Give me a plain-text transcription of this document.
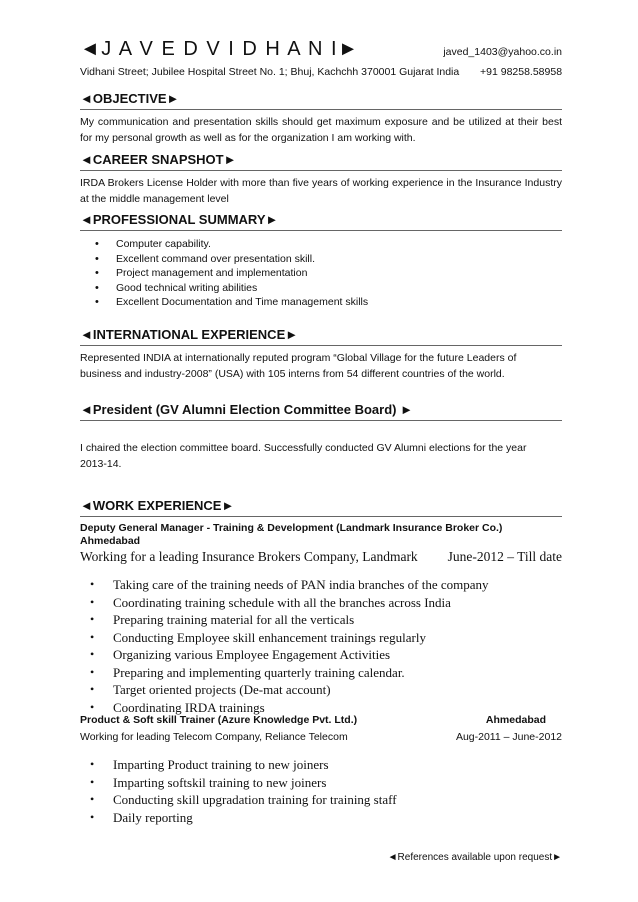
◄J A V E D V I D H A N I►	javed_1403@yahoo.co.in
Vidhani Street; Jubilee Hospital Street No. 1; Bhuj, Kachchh 370001 Gujarat India +91 98258.58958
◄OBJECTIVE►
My communication and presentation skills should get maximum exposure and be utilized at their best for my personal growth as well as for the organization I am working with.
◄CAREER SNAPSHOT►
IRDA Brokers License Holder with more than five years of working experience in the Insurance Industry at the middle management level
◄PROFESSIONAL SUMMARY►
• Computer capability.
• Excellent command over presentation skill.
• Project management and implementation
• Good technical writing abilities
• Excellent Documentation and Time management skills
◄INTERNATIONAL EXPERIENCE►
Represented INDIA at internationally reputed program “Global Village for the future Leaders of business and industry-2008” (USA) with 105 interns from 54 different countries of the world.
◄President (GV Alumni Election Committee Board) ►
I chaired the election committee board. Successfully conducted GV Alumni elections for the year 2013-14.
◄WORK EXPERIENCE►
Deputy General Manager - Training & Development (Landmark Insurance Broker Co.) Ahmedabad
Working for a leading Insurance Brokers Company, Landmark June-2012 – Till date
• Taking care of the training needs of PAN india branches of the company
• Coordinating training schedule with all the branches across India
• Preparing training material for all the verticals
• Conducting Employee skill enhancement trainings regularly
• Organizing various Employee Engagement Activities
• Preparing and implementing quarterly training calendar.
• Target oriented projects (De-mat account)
• Coordinating IRDA trainings
Product & Soft skill Trainer (Azure Knowledge Pvt. Ltd.)	Ahmedabad
Working for leading Telecom Company, Reliance Telecom	Aug-2011 – June-2012
• Imparting Product training to new joiners
• Imparting softskil training to new joiners
• Conducting skill upgradation training for training staff
• Daily reporting
◄References available upon request►
